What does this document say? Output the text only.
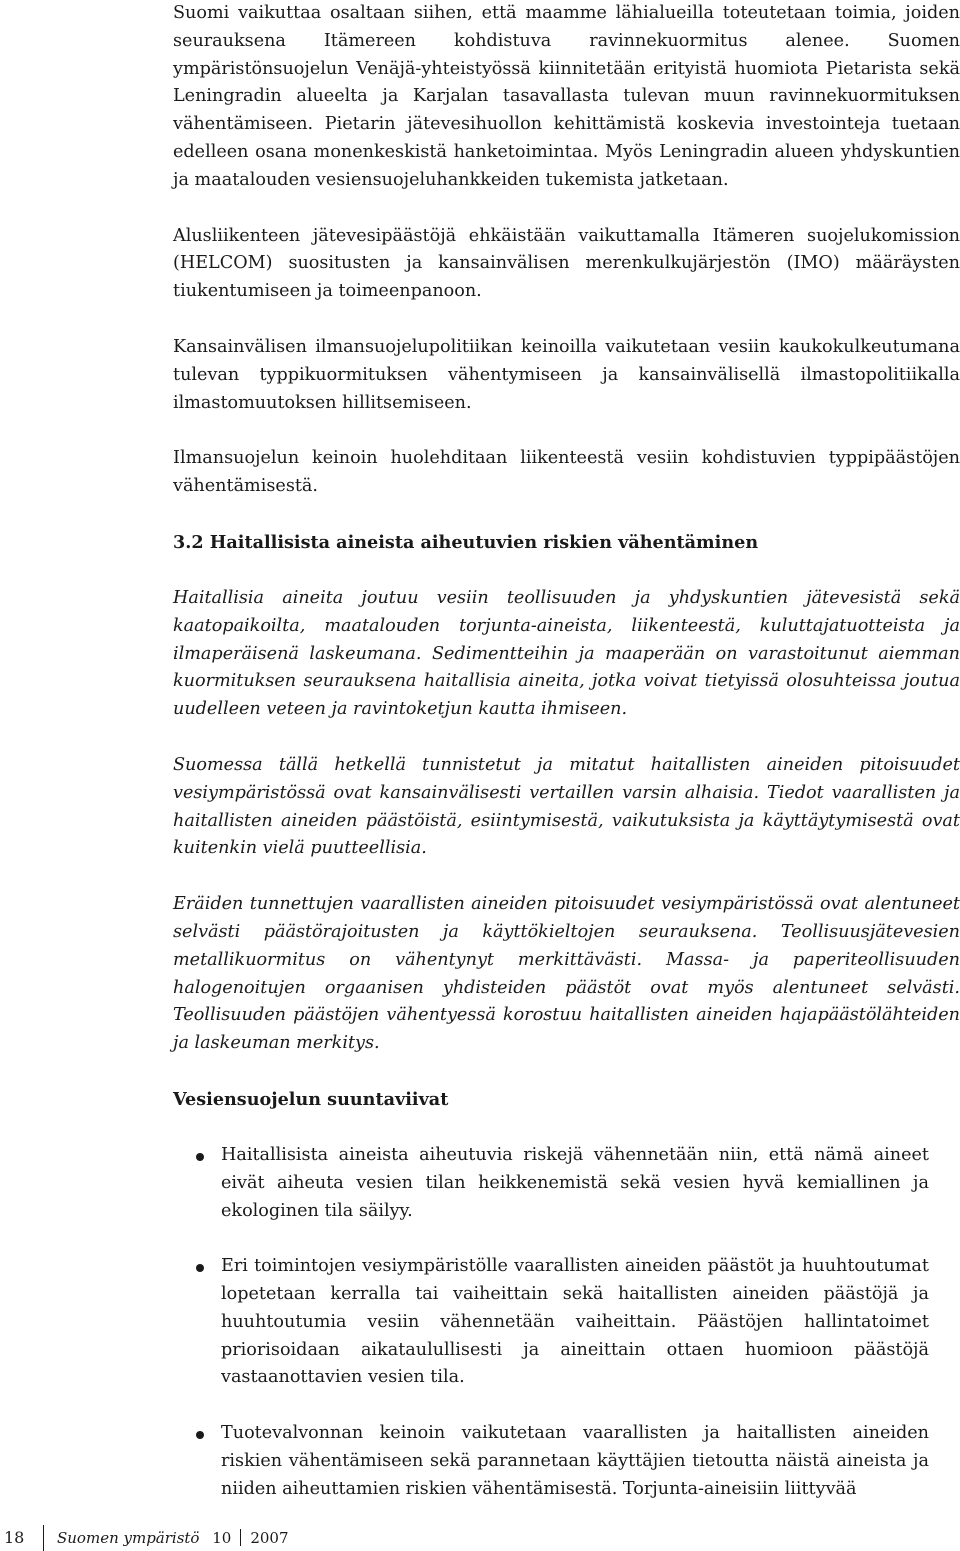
Suomi vaikuttaa osaltaan siihen, että maamme lähialueilla toteutetaan toimia, joiden seurauksena Itämereen kohdistuva ravinnekuormitus alenee. Suomen ympäristönsuojelun Venäjä-yhteistyössä kiinnitetään erityistä huomiota Pietarista sekä Leningradin alueelta ja Karjalan tasavallasta tulevan muun ravinnekuormituksen vähentämiseen. Pietarin jätevesihuollon kehittämistä koskevia investointeja tuetaan edelleen osana monenkeskistä hanketoimintaa. Myös Leningradin alueen yhdyskuntien ja maatalouden vesiensuojeluhankkeiden tukemista jatketaan.

Alusliikenteen jätevesipäästöjä ehkäistään vaikuttamalla Itämeren suojelukomission (HELCOM) suositusten ja kansainvälisen merenkulkujärjestön (IMO) määräysten tiukentumiseen ja toimeenpanoon.

Kansainvälisen ilmansuojelupolitiikan keinoilla vaikutetaan vesiin kaukokulkeutumana tulevan typpikuormituksen vähentymiseen ja kansainvälisellä ilmastopolitiikalla ilmastomuutoksen hillitsemiseen.

Ilmansuojelun keinoin huolehditaan liikenteestä vesiin kohdistuvien typpipäästöjen vähentämisestä.

3.2 Haitallisista aineista aiheutuvien riskien vähentäminen

Haitallisia aineita joutuu vesiin teollisuuden ja yhdyskuntien jätevesistä sekä kaatopaikoilta, maatalouden torjunta-aineista, liikenteestä, kuluttajatuotteista ja ilmaperäisenä laskeumana. Sedimentteihin ja maaperään on varastoitunut aiemman kuormituksen seurauksena haitallisia aineita, jotka voivat tietyissä olosuhteissa joutua uudelleen veteen ja ravintoketjun kautta ihmiseen.

Suomessa tällä hetkellä tunnistetut ja mitatut haitallisten aineiden pitoisuudet vesiympäristössä ovat kansainvälisesti vertaillen varsin alhaisia. Tiedot vaarallisten ja haitallisten aineiden päästöistä, esiintymisestä, vaikutuksista ja käyttäytymisestä ovat kuitenkin vielä puutteellisia.

Eräiden tunnettujen vaarallisten aineiden pitoisuudet vesiympäristössä ovat alentuneet selvästi päästörajoitusten ja käyttökieltojen seurauksena. Teollisuusjätevesien metallikuormitus on vähentynyt merkittävästi. Massa- ja paperiteollisuuden halogenoitujen orgaanisen yhdisteiden päästöt ovat myös alentuneet selvästi. Teollisuuden päästöjen vähentyessä korostuu haitallisten aineiden hajapäästölähteiden ja laskeuman merkitys.

Vesiensuojelun suuntaviivat
Haitallisista aineista aiheutuvia riskejä vähennetään niin, että nämä aineet eivät aiheuta vesien tilan heikkenemistä sekä vesien hyvä kemiallinen ja ekologinen tila säilyy.
Eri toimintojen vesiympäristölle vaarallisten aineiden päästöt ja huuhtoutumat lopetetaan kerralla tai vaiheittain sekä haitallisten aineiden päästöjä ja huuhtoutumia vesiin vähennetään vaiheittain. Päästöjen hallintatoimet priorisoidaan aikataulullisesti ja aineittain ottaen huomioon päästöjä vastaanottavien vesien tila.
Tuotevalvonnan keinoin vaikutetaan vaarallisten ja haitallisten aineiden riskien vähentämiseen sekä parannetaan käyttäjien tietoutta näistä aineista ja niiden aiheuttamien riskien vähentämisestä. Torjunta-aineisiin liittyvää
18	Suomen ympäristö 10 2007
